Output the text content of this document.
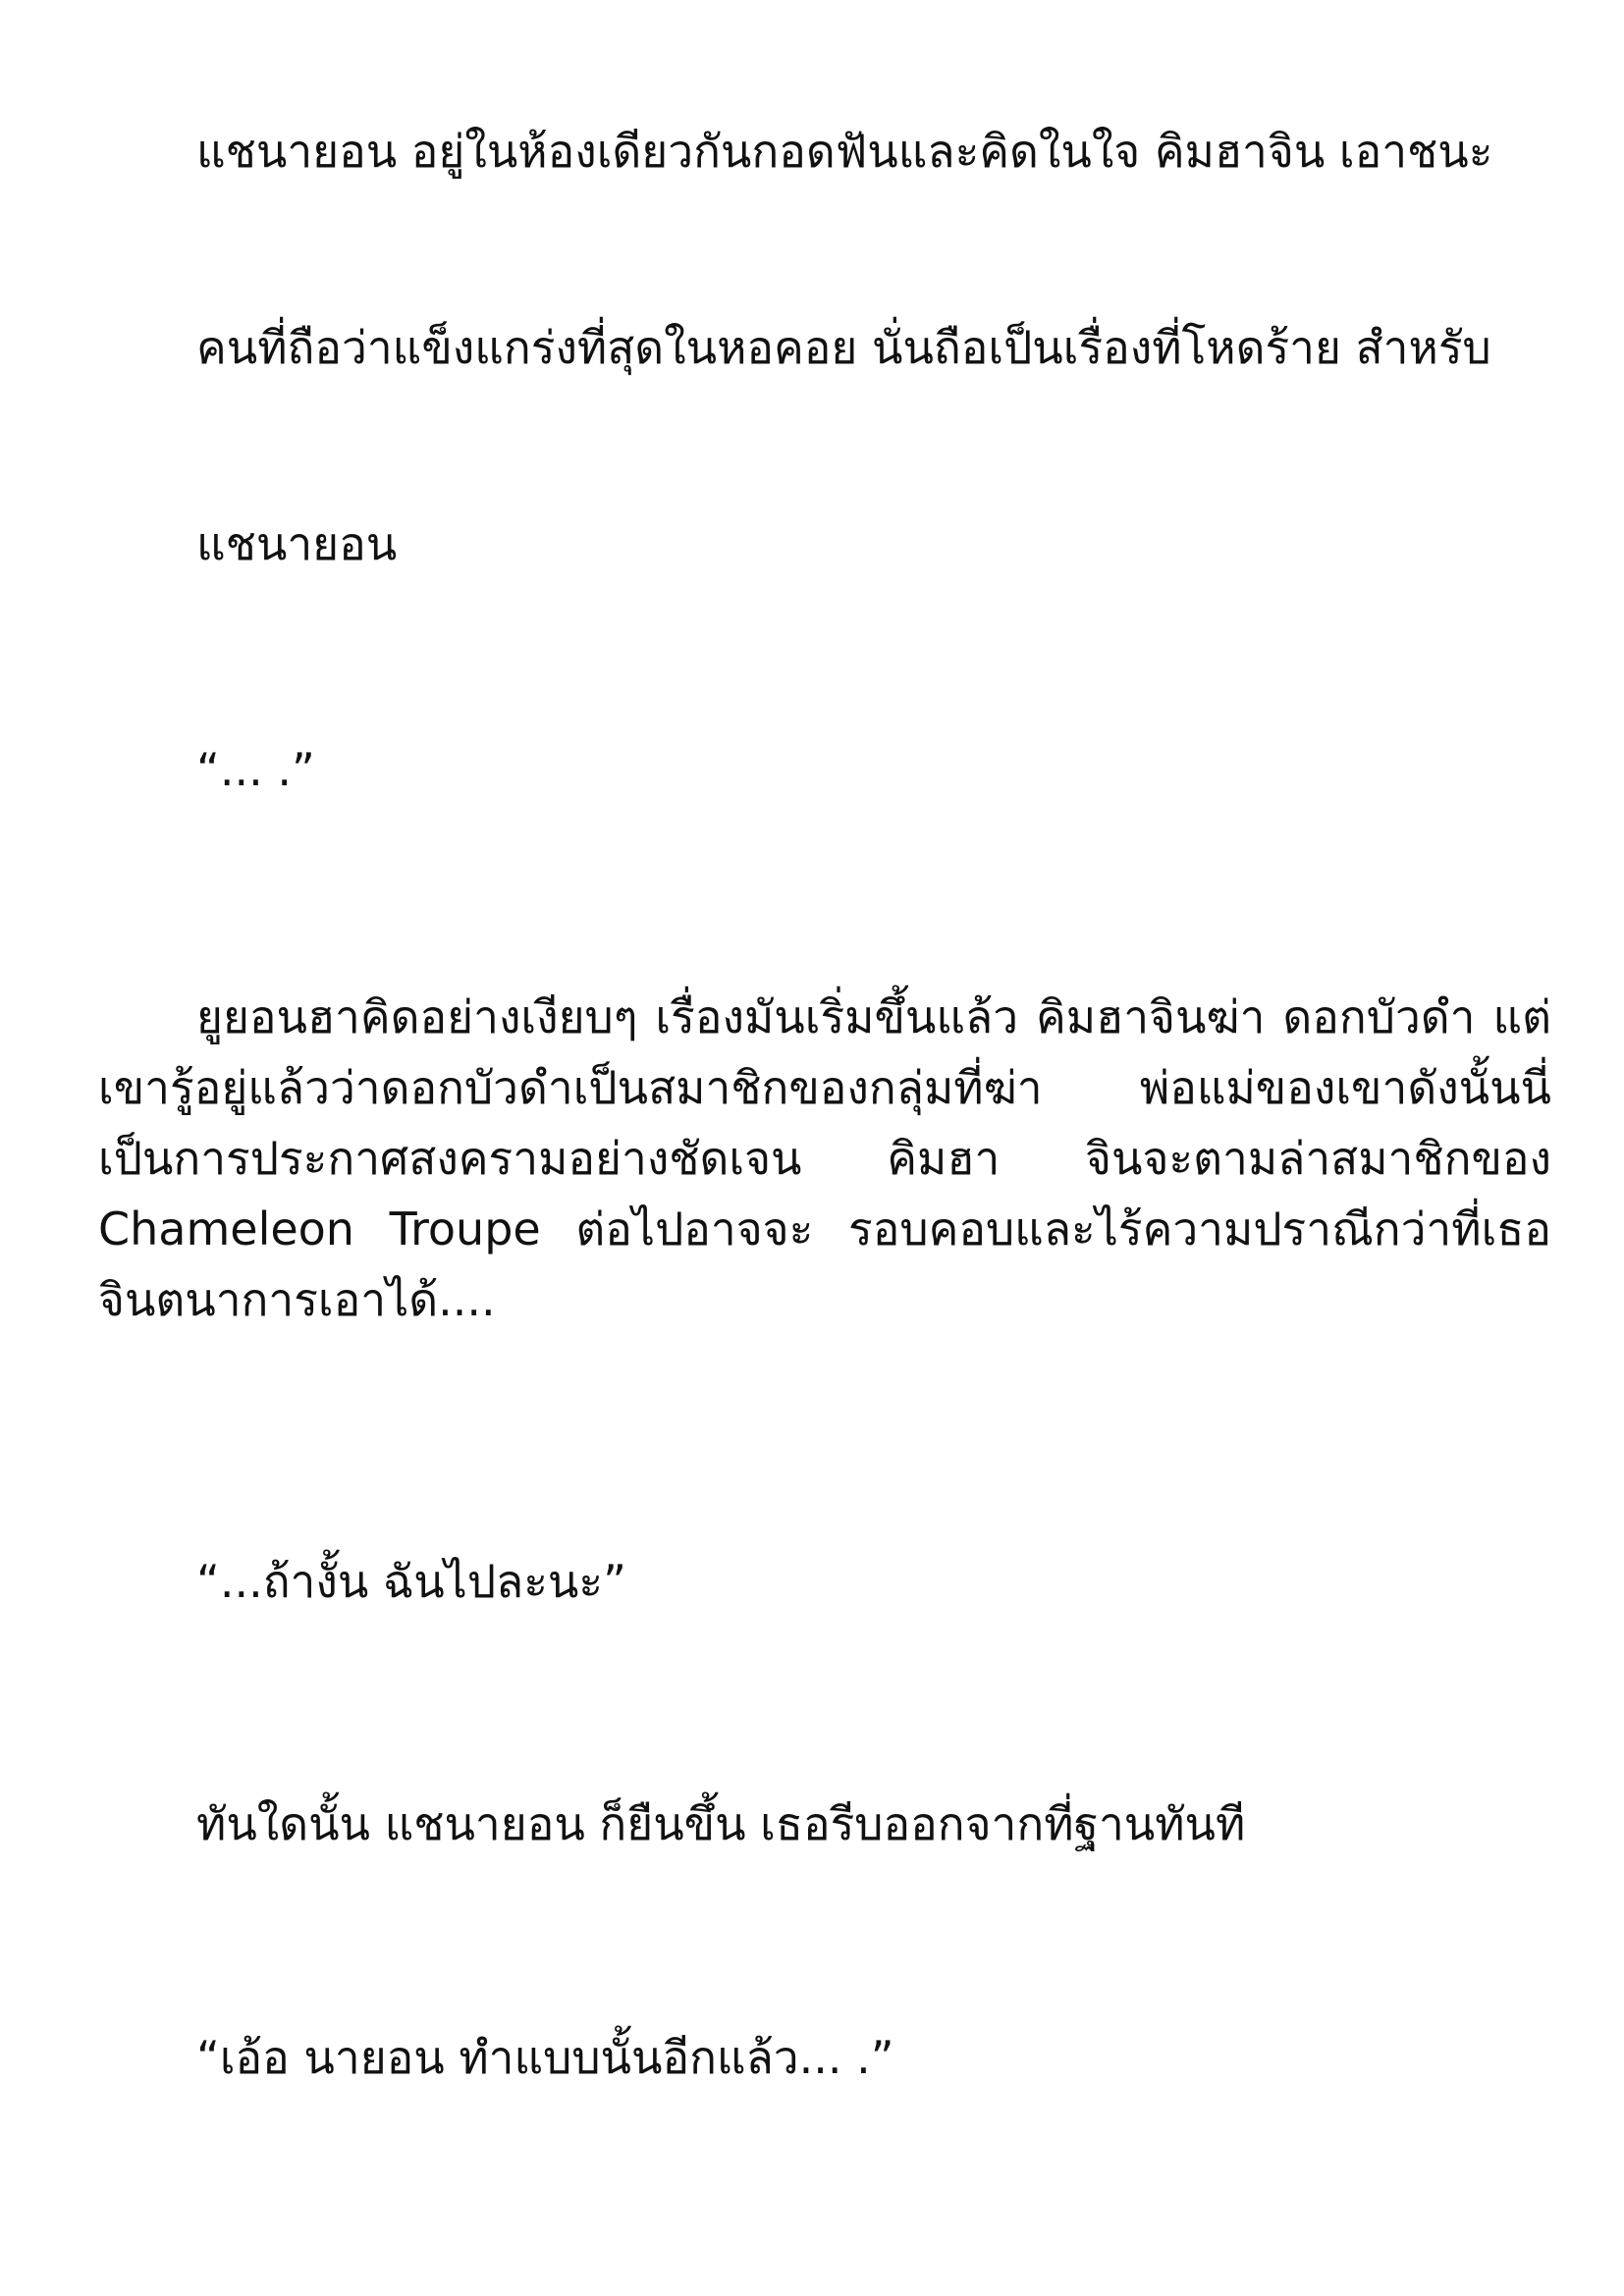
แชนายอน อยู่ในห้องเดียวกันกอดฟันและคิดในใจ คิมฮาจิน เอาชนะ

คนที่ถือว่าแข็งแกร่งที่สุดในหอคอย นั่นถือเป็นเรื่องที่โหดร้าย สำหรับ

แชนายอน

“... .”

ยูยอนฮาคิดอย่างเงียบๆ เรื่องมันเริ่มขึ้นแล้ว คิมฮาจินฆ่า ดอกบัวดำ แต่เขารู้อยู่แล้วว่าดอกบัวดำเป็นสมาชิกของกลุ่มที่ฆ่า พ่อแม่ของเขาดังนั้นนี่เป็นการประกาศสงครามอย่างชัดเจน คิมฮา จินจะตามล่าสมาชิกของ Chameleon Troupe ต่อไปอาจจะ รอบคอบและไร้ความปราณีกว่าที่เธอจินตนาการเอาได้....

“...ถ้างั้น ฉันไปละนะ”

ทันใดนั้น แชนายอน ก็ยืนขึ้น เธอรีบออกจากที่ฐานทันที

“เอ้อ นายอน ทำแบบนั้นอีกแล้ว... .”
